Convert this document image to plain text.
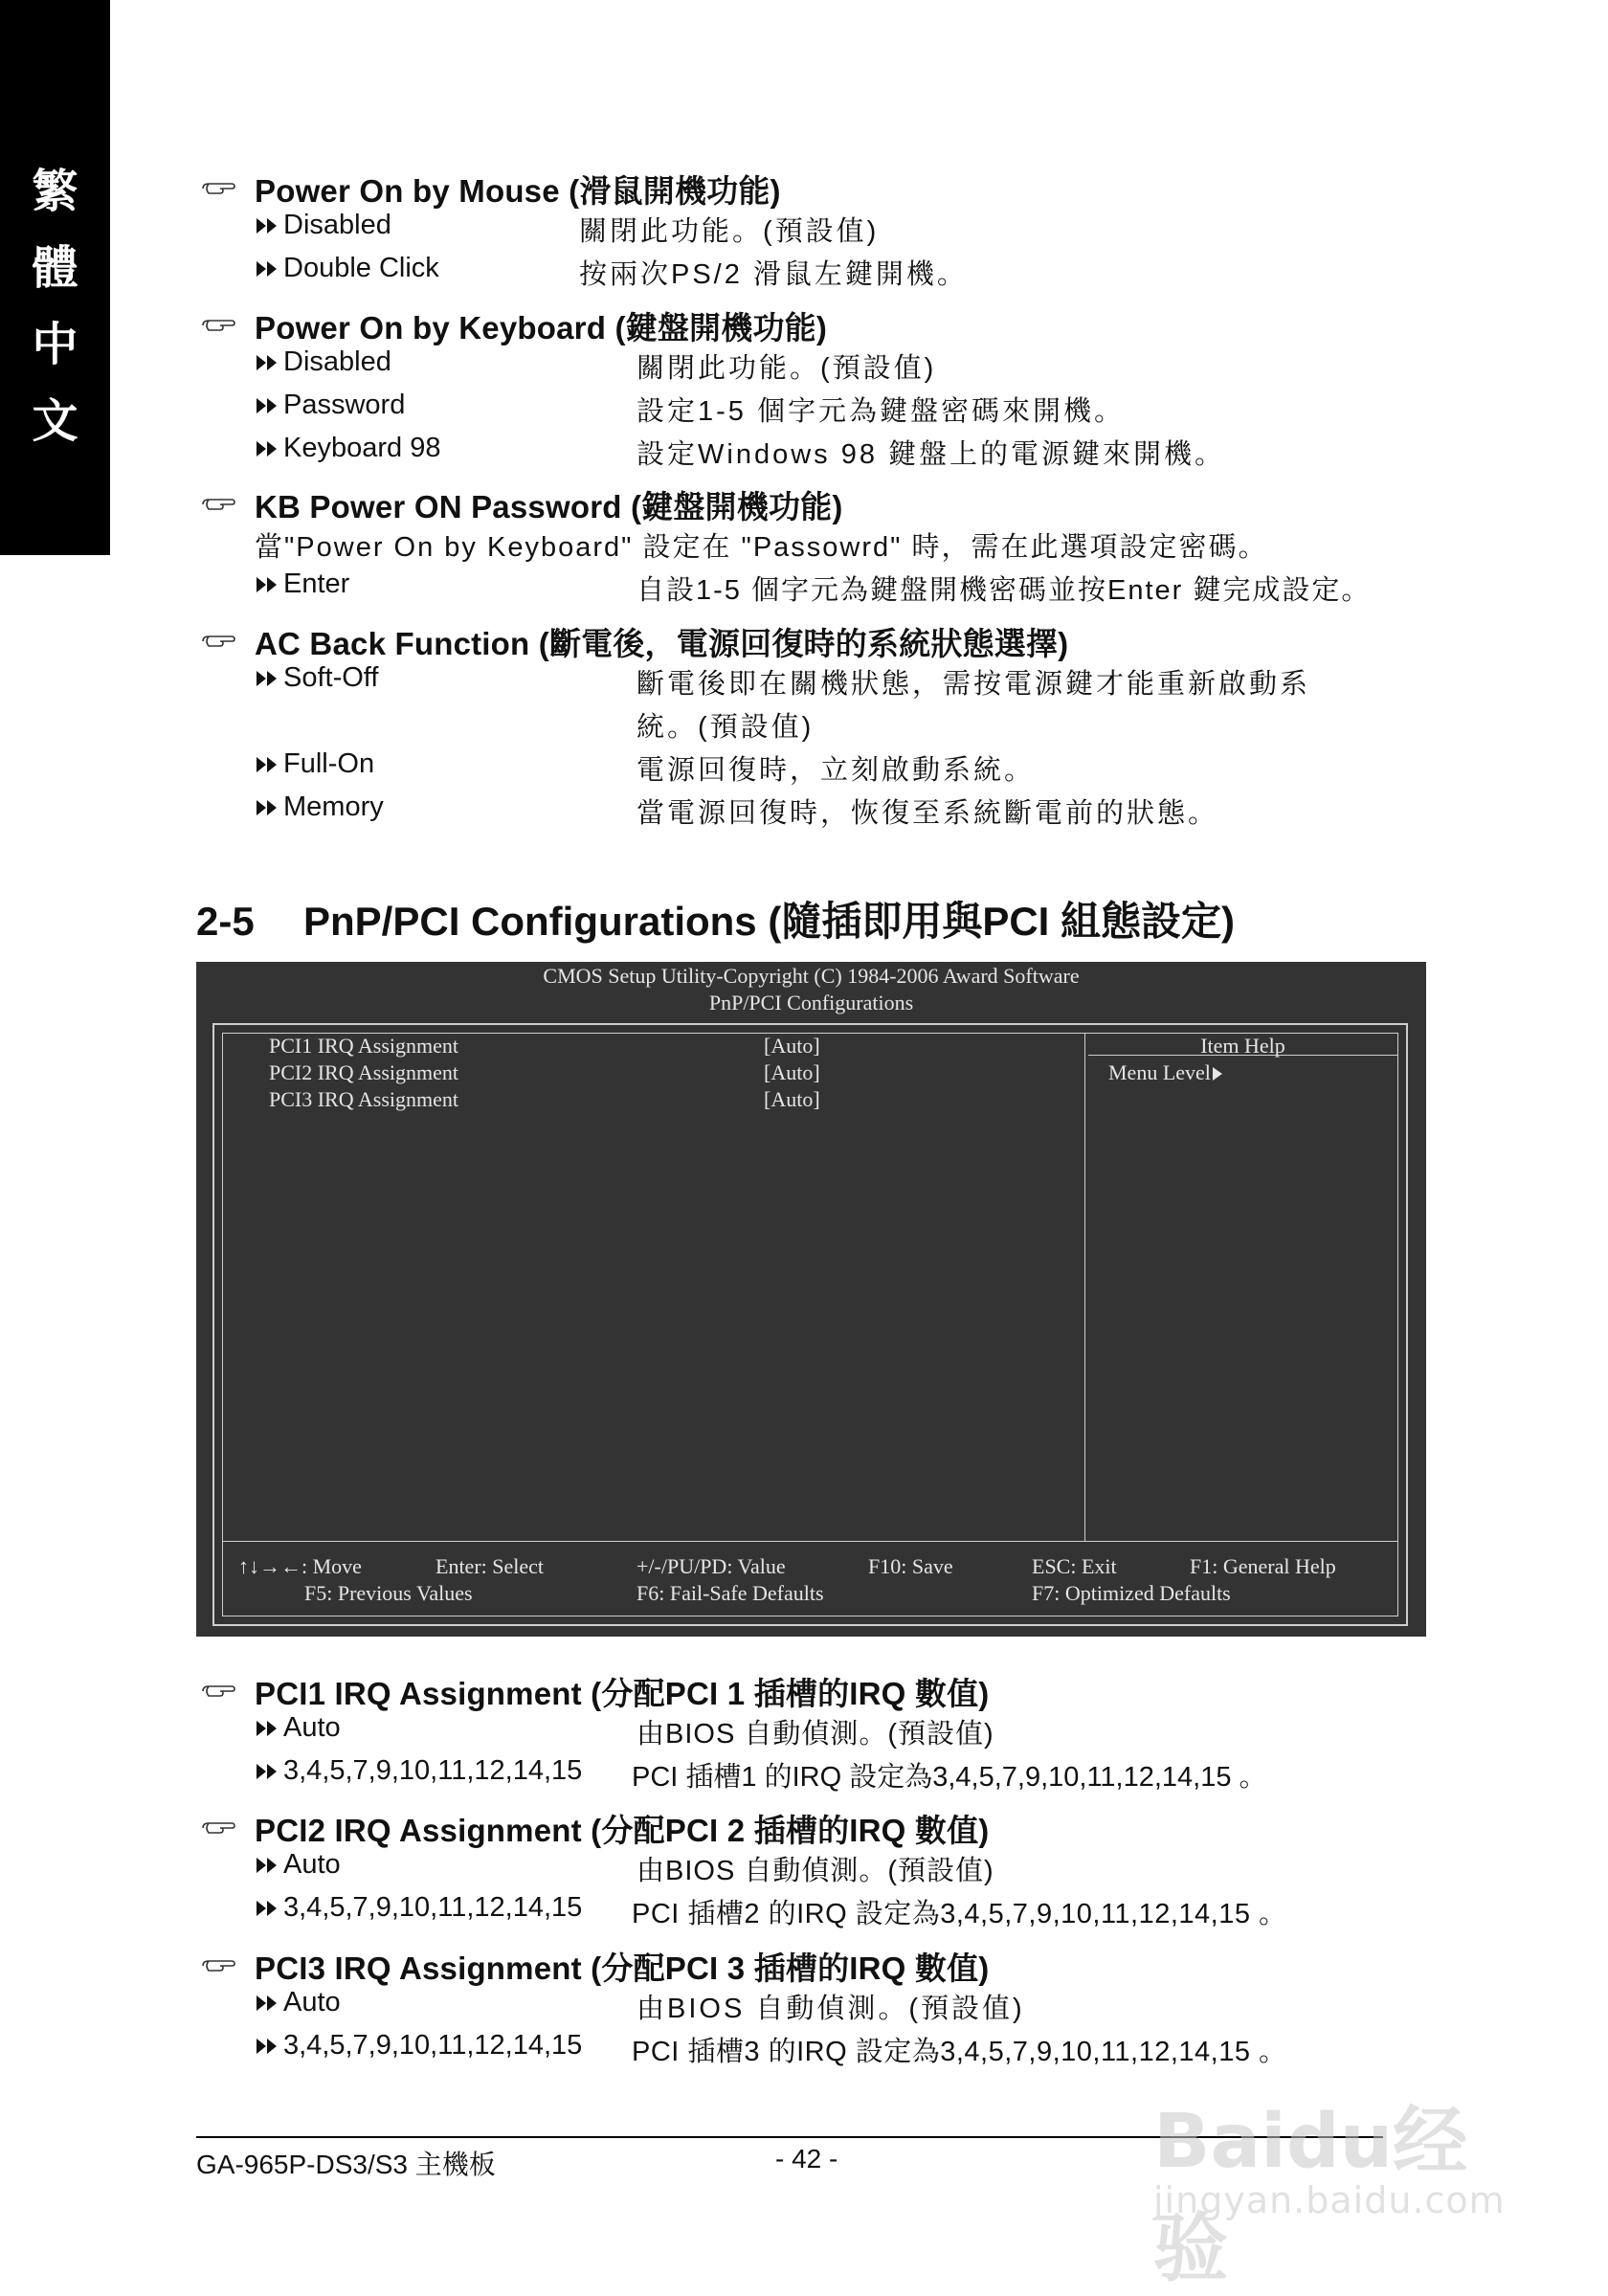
繁
體
中
文
Power On by Mouse (滑鼠開機功能)
Disabled	關閉此功能。(預設值)
Double Click	按兩次PS/2 滑鼠左鍵開機。
Power On by Keyboard (鍵盤開機功能)
Disabled	關閉此功能。(預設值)
Password	設定1-5 個字元為鍵盤密碼來開機。
Keyboard 98	設定Windows 98 鍵盤上的電源鍵來開機。
KB Power ON Password (鍵盤開機功能)
當"Power On by Keyboard" 設定在 "Passowrd" 時，需在此選項設定密碼。
Enter	自設1-5 個字元為鍵盤開機密碼並按Enter 鍵完成設定。
AC Back Function (斷電後，電源回復時的系統狀態選擇)
Soft-Off	斷電後即在關機狀態，需按電源鍵才能重新啟動系
統。(預設值)
Full-On	電源回復時，立刻啟動系統。
Memory	當電源回復時，恢復至系統斷電前的狀態。
2-5 PnP/PCI Configurations (隨插即用與PCI 組態設定)
CMOS Setup Utility-Copyright (C) 1984-2006 Award Software
PnP/PCI Configurations
Item Help
Menu Level
PCI1 IRQ Assignment	[Auto]
PCI2 IRQ Assignment	[Auto]
PCI3 IRQ Assignment	[Auto]
↑↓→←: Move	Enter: Select	+/-/PU/PD: Value	F10: Save	ESC: Exit	F1: General Help
F5: Previous Values	F6: Fail-Safe Defaults	F7: Optimized Defaults
PCI1 IRQ Assignment (分配PCI 1 插槽的IRQ 數值)
Auto	由BIOS 自動偵測。(預設值)
3,4,5,7,9,10,11,12,14,15 PCI 插槽1 的IRQ 設定為3,4,5,7,9,10,11,12,14,15 。
PCI2 IRQ Assignment (分配PCI 2 插槽的IRQ 數值)
Auto	由BIOS 自動偵測。(預設值)
3,4,5,7,9,10,11,12,14,15 PCI 插槽2 的IRQ 設定為3,4,5,7,9,10,11,12,14,15 。
PCI3 IRQ Assignment (分配PCI 3 插槽的IRQ 數值)
Auto	由BIOS 自動偵測。(預設值)
3,4,5,7,9,10,11,12,14,15 PCI 插槽3 的IRQ 設定為3,4,5,7,9,10,11,12,14,15 。
GA-965P-DS3/S3 主機板	- 42 -	Baidu经验
jingyan.baidu.com
